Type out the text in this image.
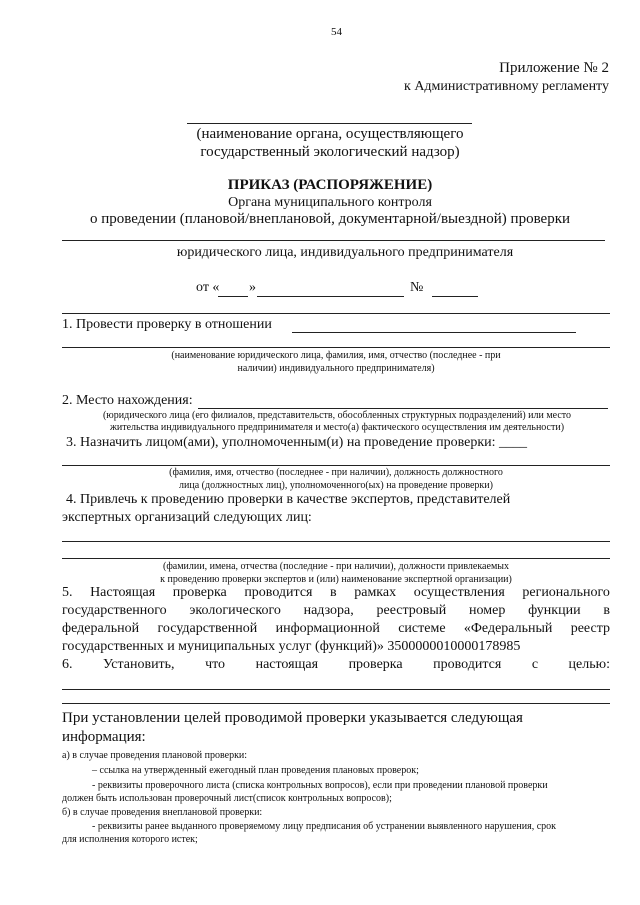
54
Приложение № 2
к Административному регламенту
(наименование органа, осуществляющего
государственный экологический надзор)
ПРИКАЗ (РАСПОРЯЖЕНИЕ)
Органа муниципального контроля
о проведении (плановой/внеплановой, документарной/выездной) проверки
юридического лица, индивидуального предпринимателя
от « »	№
1. Провести проверку в отношении
(наименование юридического лица, фамилия, имя, отчество (последнее - при
наличии) индивидуального предпринимателя)
2. Место нахождения:
(юридического лица (его филиалов, представительств, обособленных структурных подразделений) или место
жительства индивидуального предпринимателя и место(а) фактического осуществления им деятельности)
3. Назначить лицом(ами), уполномоченным(и) на проведение проверки: ____
(фамилия, имя, отчество (последнее - при наличии), должность должностного
лица (должностных лиц), уполномоченного(ых) на проведение проверки)
4. Привлечь к проведению проверки в качестве экспертов, представителей
экспертных организаций следующих лиц:
(фамилии, имена, отчества (последние - при наличии), должности привлекаемых
к проведению проверки экспертов и (или) наименование экспертной организации)
5. Настоящая проверка проводится в рамках осуществления регионального
государственного экологического надзора, реестровый номер функции в
федеральной государственной информационной системе «Федеральный реестр
государственных и муниципальных услуг (функций)» 3500000010000178985
6. Установить, что настоящая проверка проводится с целью:
При установлении целей проводимой проверки указывается следующая
информация:
а) в случае проведения плановой проверки:
– ссылка на утвержденный ежегодный план проведения плановых проверок;
- реквизиты проверочного листа (списка контрольных вопросов), если при проведении плановой проверки
должен быть использован проверочный лист(список контрольных вопросов);
б) в случае проведения внеплановой проверки:
- реквизиты ранее выданного проверяемому лицу предписания об устранении выявленного нарушения, срок
для исполнения которого истек;
